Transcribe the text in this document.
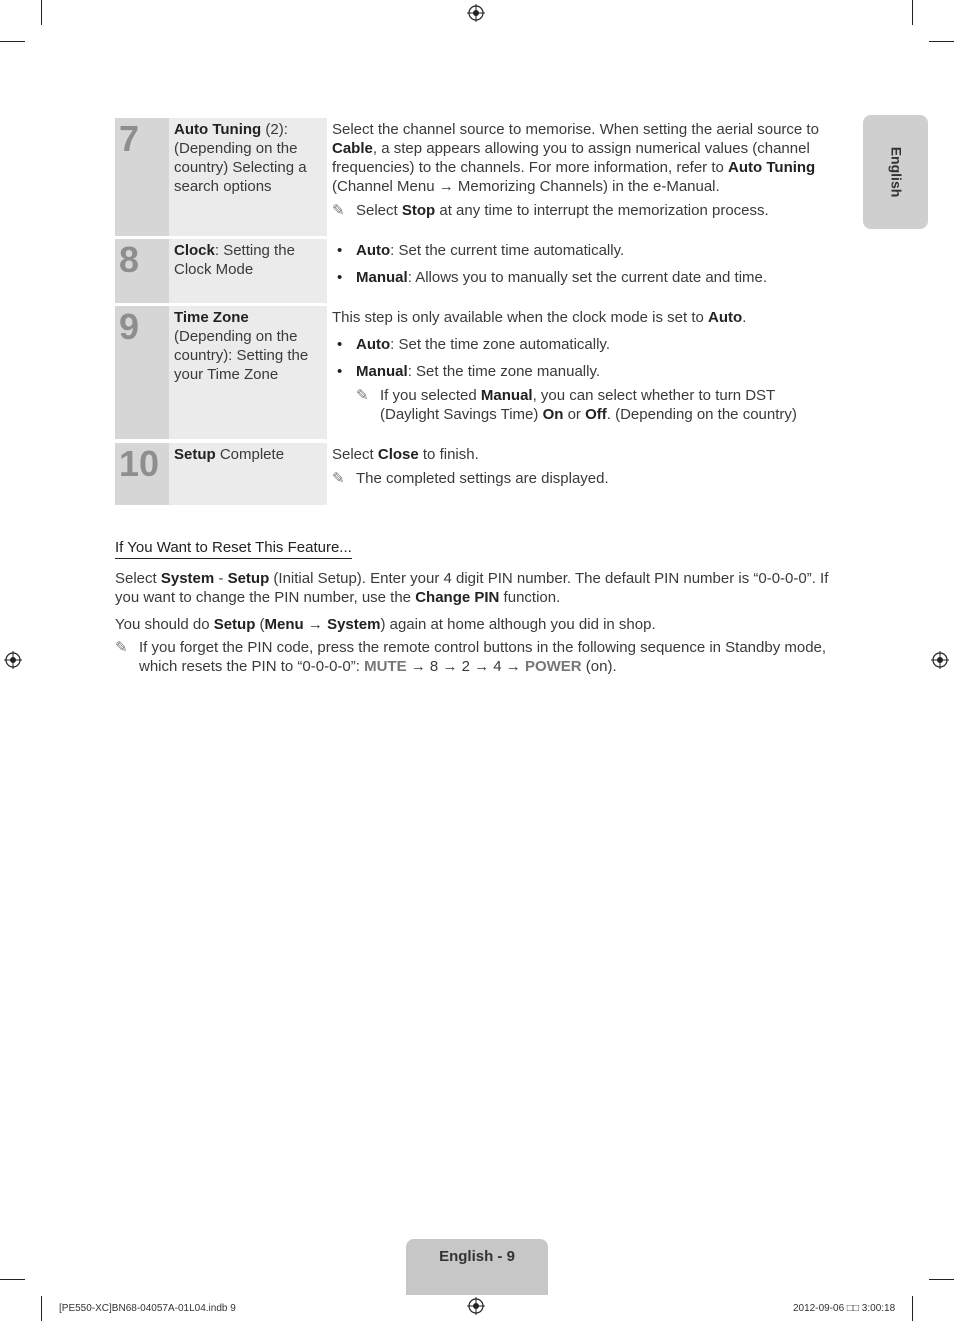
English
7	Auto Tuning (2): (Depending on the country) Selecting a search options

Select the channel source to memorise. When setting the aerial source to Cable, a step appears allowing you to assign numerical values (channel frequencies) to the channels. For more information, refer to Auto Tuning (Channel Menu → Memorizing Channels) in the e-Manual.

✎ Select Stop at any time to interrupt the memorization process.
8	Clock: Setting the Clock Mode
• Auto: Set the current time automatically.
• Manual: Allows you to manually set the current date and time.
9	Time Zone (Depending on the country): Setting the your Time Zone

This step is only available when the clock mode is set to Auto.

• Auto: Set the time zone automatically.
• Manual: Set the time zone manually.
✎ If you selected Manual, you can select whether to turn DST (Daylight Savings Time) On or Off. (Depending on the country)
10 Setup Complete	Select Close to finish.

✎ The completed settings are displayed.
If You Want to Reset This Feature...

Select System - Setup (Initial Setup). Enter your 4 digit PIN number. The default PIN number is “0-0-0-0”. If you want to change the PIN number, use the Change PIN function.

You should do Setup (Menu → System) again at home although you did in shop.

✎ If you forget the PIN code, press the remote control buttons in the following sequence in Standby mode, which resets the PIN to “0-0-0-0”: MUTE → 8 → 2 → 4 → POWER (on).
English - 9
[PE550-XC]BN68-04057A-01L04.indb 9	2012-09-06 □□ 3:00:18
